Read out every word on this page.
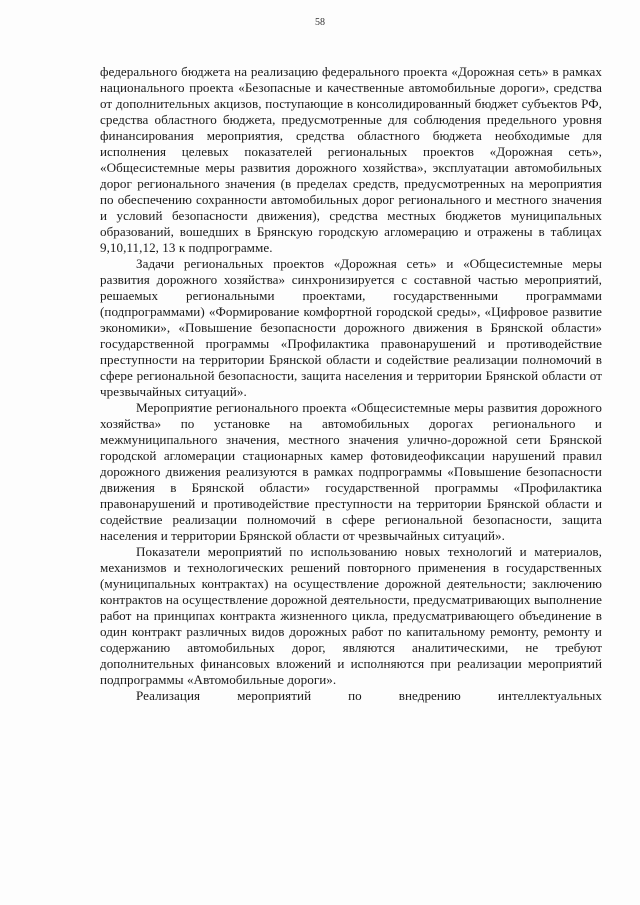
58

федерального бюджета на реализацию федерального проекта «Дорожная сеть» в рамках национального проекта «Безопасные и качественные автомобильные дороги», средства от дополнительных акцизов, поступающие в консолидированный бюджет субъектов РФ, средства областного бюджета, предусмотренные для соблюдения предельного уровня финансирования мероприятия, средства областного бюджета необходимые для исполнения целевых показателей региональных проектов «Дорожная сеть», «Общесистемные меры развития дорожного хозяйства», эксплуатации автомобильных дорог регионального значения (в пределах средств, предусмотренных на мероприятия по обеспечению сохранности автомобильных дорог регионального и местного значения и условий безопасности движения), средства местных бюджетов муниципальных образований, вошедших в Брянскую городскую агломерацию и отражены в таблицах 9,10,11,12, 13 к подпрограмме.

Задачи региональных проектов «Дорожная сеть» и «Общесистемные меры развития дорожного хозяйства» синхронизируется с составной частью мероприятий, решаемых региональными проектами, государственными программами (подпрограммами) «Формирование комфортной городской среды», «Цифровое развитие экономики», «Повышение безопасности дорожного движения в Брянской области» государственной программы «Профилактика правонарушений и противодействие преступности на территории Брянской области и содействие реализации полномочий в сфере региональной безопасности, защита населения и территории Брянской области от чрезвычайных ситуаций».

Мероприятие регионального проекта «Общесистемные меры развития дорожного хозяйства» по установке на автомобильных дорогах регионального и межмуниципального значения, местного значения улично-дорожной сети Брянской городской агломерации стационарных камер фотовидеофиксации нарушений правил дорожного движения реализуются в рамках подпрограммы «Повышение безопасности движения в Брянской области» государственной программы «Профилактика правонарушений и противодействие преступности на территории Брянской области и содействие реализации полномочий в сфере региональной безопасности, защита населения и территории Брянской области от чрезвычайных ситуаций».

Показатели мероприятий по использованию новых технологий и материалов, механизмов и технологических решений повторного применения в государственных (муниципальных контрактах) на осуществление дорожной деятельности; заключению контрактов на осуществление дорожной деятельности, предусматривающих выполнение работ на принципах контракта жизненного цикла, предусматривающего объединение в один контракт различных видов дорожных работ по капитальному ремонту, ремонту и содержанию автомобильных дорог, являются аналитическими, не требуют дополнительных финансовых вложений и исполняются при реализации мероприятий подпрограммы «Автомобильные дороги».

Реализация мероприятий по внедрению интеллектуальных
